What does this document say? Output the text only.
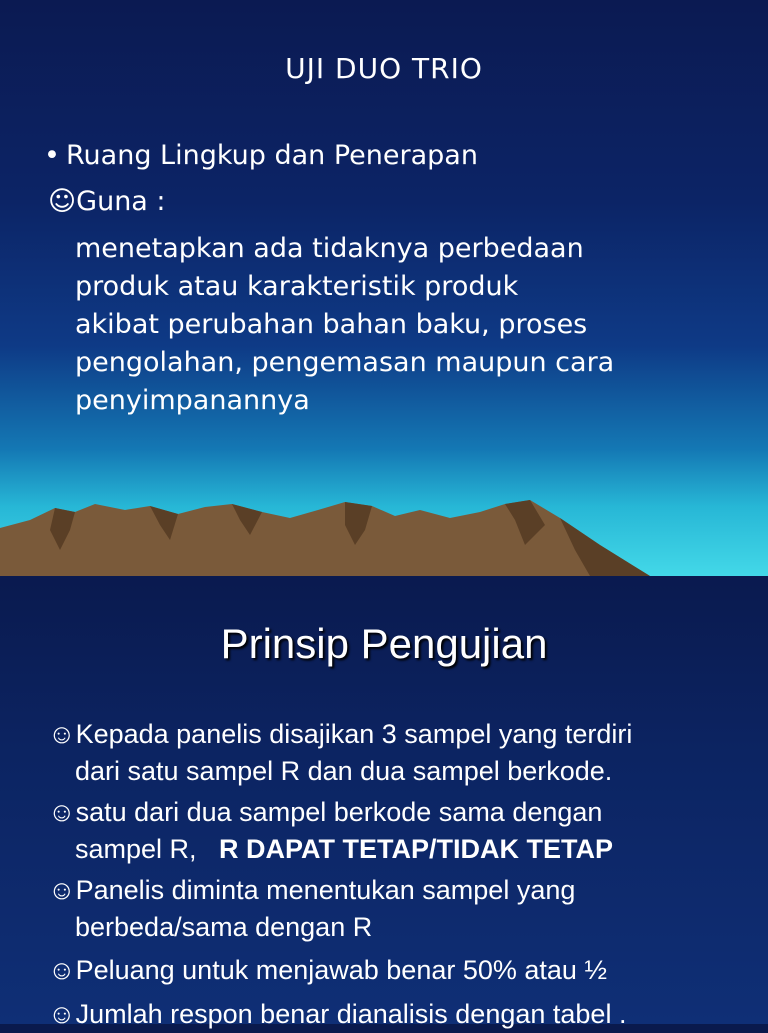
UJI DUO TRIO
• Ruang Lingkup dan Penerapan
☺Guna :

menetapkan ada tidaknya perbedaan
produk atau karakteristik produk
akibat perubahan bahan baku, proses
pengolahan, pengemasan maupun cara
penyimpanannya

Prinsip Pengujian
☺Kepada panelis disajikan 3 sampel yang terdiri
dari satu sampel R dan dua sampel berkode.
☺satu dari dua sampel berkode sama dengan
sampel R,   R DAPAT TETAP/TIDAK TETAP
☺Panelis diminta menentukan sampel yang
berbeda/sama dengan R
☺Peluang untuk menjawab benar 50% atau ½
☺Jumlah respon benar dianalisis dengan tabel .
